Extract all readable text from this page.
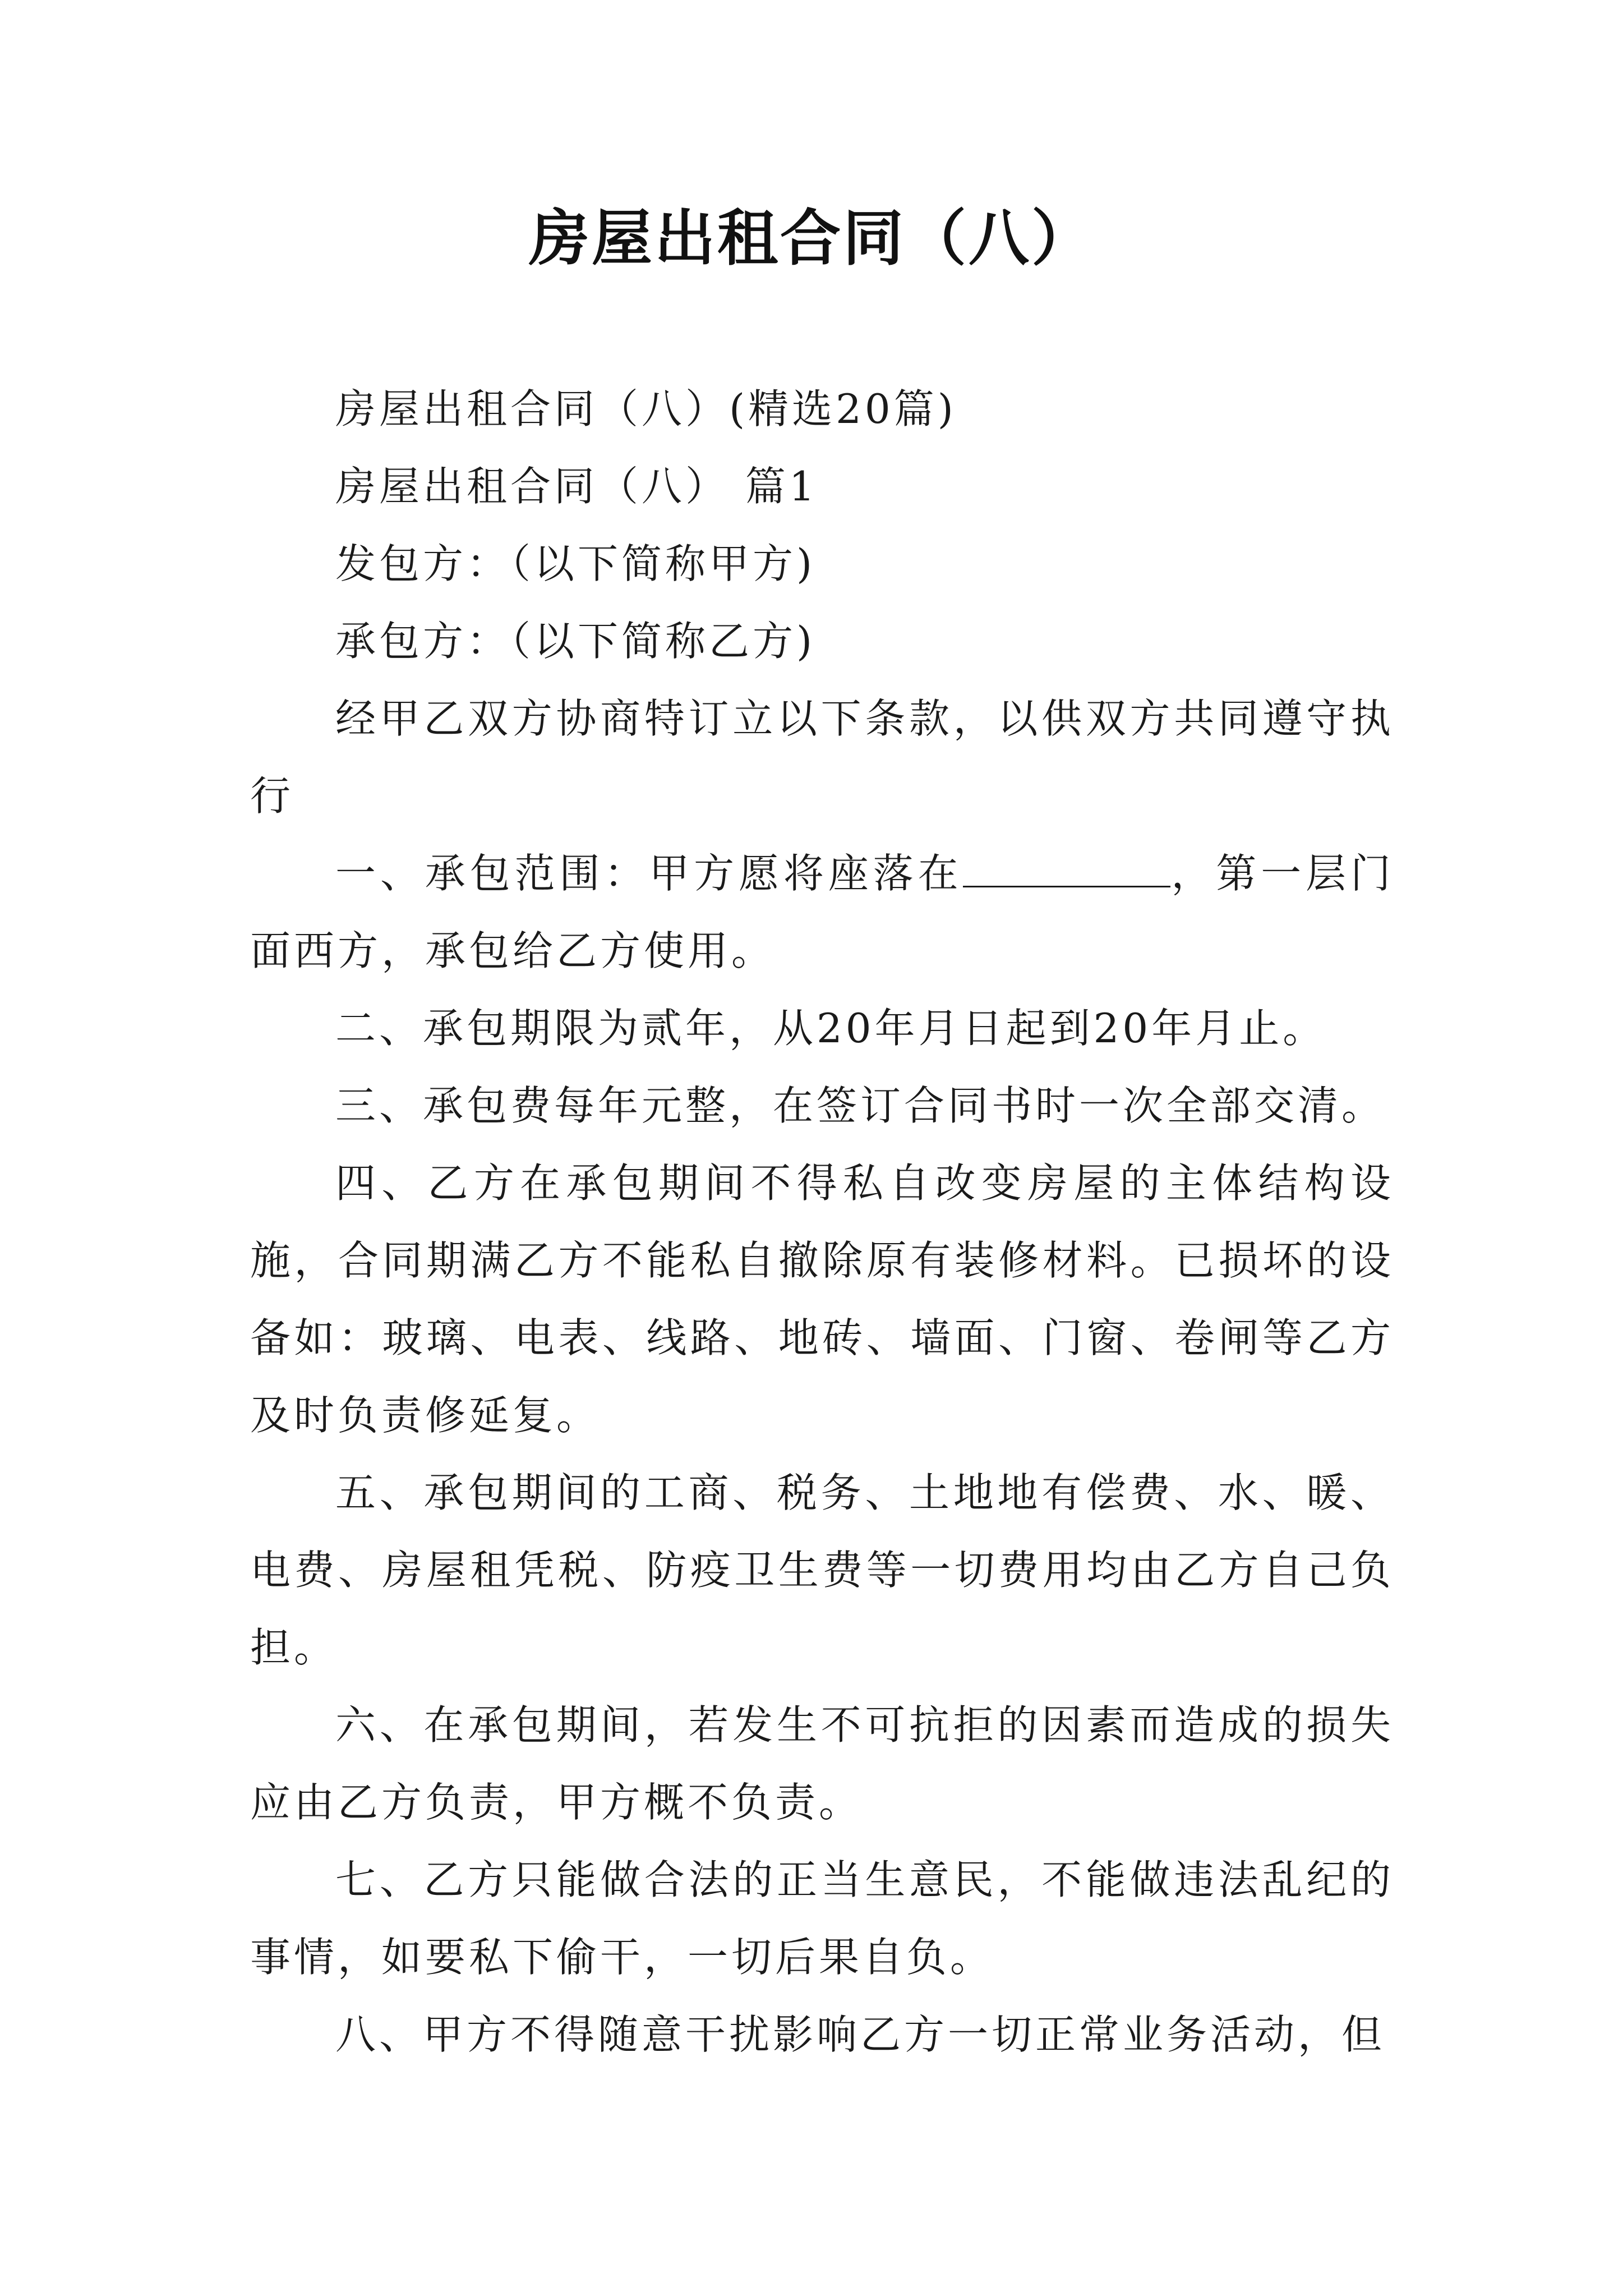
房屋出租合同（八）

房屋出租合同（八）(精选20篇)

房屋出租合同（八） 篇1

发包方：（以下简称甲方)

承包方：（以下简称乙方)

经甲乙双方协商特订立以下条款，以供双方共同遵守执行

一、承包范围：甲方愿将座落在	，第一层门面西方，承包给乙方使用。

二、承包期限为贰年，从20年月日起到20年月止。

三、承包费每年元整，在签订合同书时一次全部交清。

四、乙方在承包期间不得私自改变房屋的主体结构设施，合同期满乙方不能私自撤除原有装修材料。已损坏的设备如：玻璃、电表、线路、地砖、墙面、门窗、卷闸等乙方及时负责修延复。

五、承包期间的工商、税务、土地地有偿费、水、暖、电费、房屋租凭税、防疫卫生费等一切费用均由乙方自己负担。

六、在承包期间，若发生不可抗拒的因素而造成的损失应由乙方负责，甲方概不负责。

七、乙方只能做合法的正当生意民，不能做违法乱纪的事情，如要私下偷干，一切后果自负。

八、甲方不得随意干扰影响乙方一切正常业务活动，但
